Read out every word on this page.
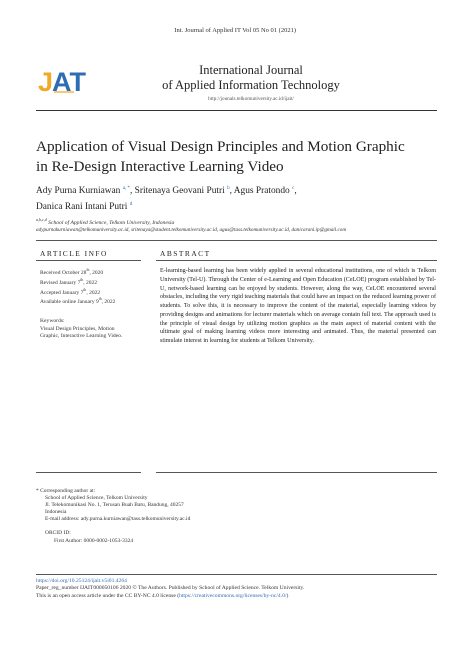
Int. Journal of Applied IT Vol 05 No 01 (2021)
J
AT	International Journal
of Applied Information Technology
http://jounals.telkomuniversity.ac.id/ijait/
Application of Visual Design Principles and Motion Graphic
in Re-Design Interactive Learning Video
Ady Purna Kurniawan $^{a, *}$, Sritenaya Geovani Putri $^b$, Agus Pratondo $^c$,
Danica Rani Intani Putri $^d$
$^{a,b,c,d}$ School of Applied Science, Telkom University, Indonesia
adypurnakurniawan@telkomuniversity.ac.id, sritenaya@student.telkomuniversity.ac.id, agus@tass.telkomuniversity.ac.id, danicarani.ip@gmail.com
ARTICLE INFO	ABSTRACT
Received October 28th, 2020
Revised January 7th, 2022
Accepted January 7th, 2022
Available online January 9th, 2022
Keywords:
Visual Design Principles, Motion Graphic, Interactive Learning Video.
E-learning-based learning has been widely applied in several educational institutions, one of which is Telkom University (Tel-U). Through the Center of e-Learning and Open Education (CeLOE) program established by Tel-U, network-based learning can be enjoyed by students. However, along the way, CeLOE encountered several obstacles, including the very rigid teaching materials that could have an impact on the reduced learning power of students. To solve this, it is necessary to improve the content of the material, especially learning videos by providing designs and animations for lecturer materials which on average contain full text. The approach used is the principle of visual design by utilizing motion graphics as the main aspect of material content with the ultimate goal of making learning videos more interesting and animated. Thus, the material presented can stimulate interest in learning for students at Telkom University.
* Corresponding author at:
School of Applied Science, Telkom University
Jl. Telekomunikasi No. 1, Terusan Buah Batu, Bandung, 40257
Indonesia
E-mail address: ady.purna.kurniawan@tass.telkomuniversity.ac.id
ORCID ID:
First Author: 0000-0002-1053-3324
https://doi.org/10.25124/ijait.v5i01.4264
Paper_reg_number IJAIT000050106 2020 © The Authors. Published by School of Applied Science. Telkom University.
This is an open access article under the CC BY-NC 4.0 license (https://creativecommons.org/licenses/by-nc/4.0/)
